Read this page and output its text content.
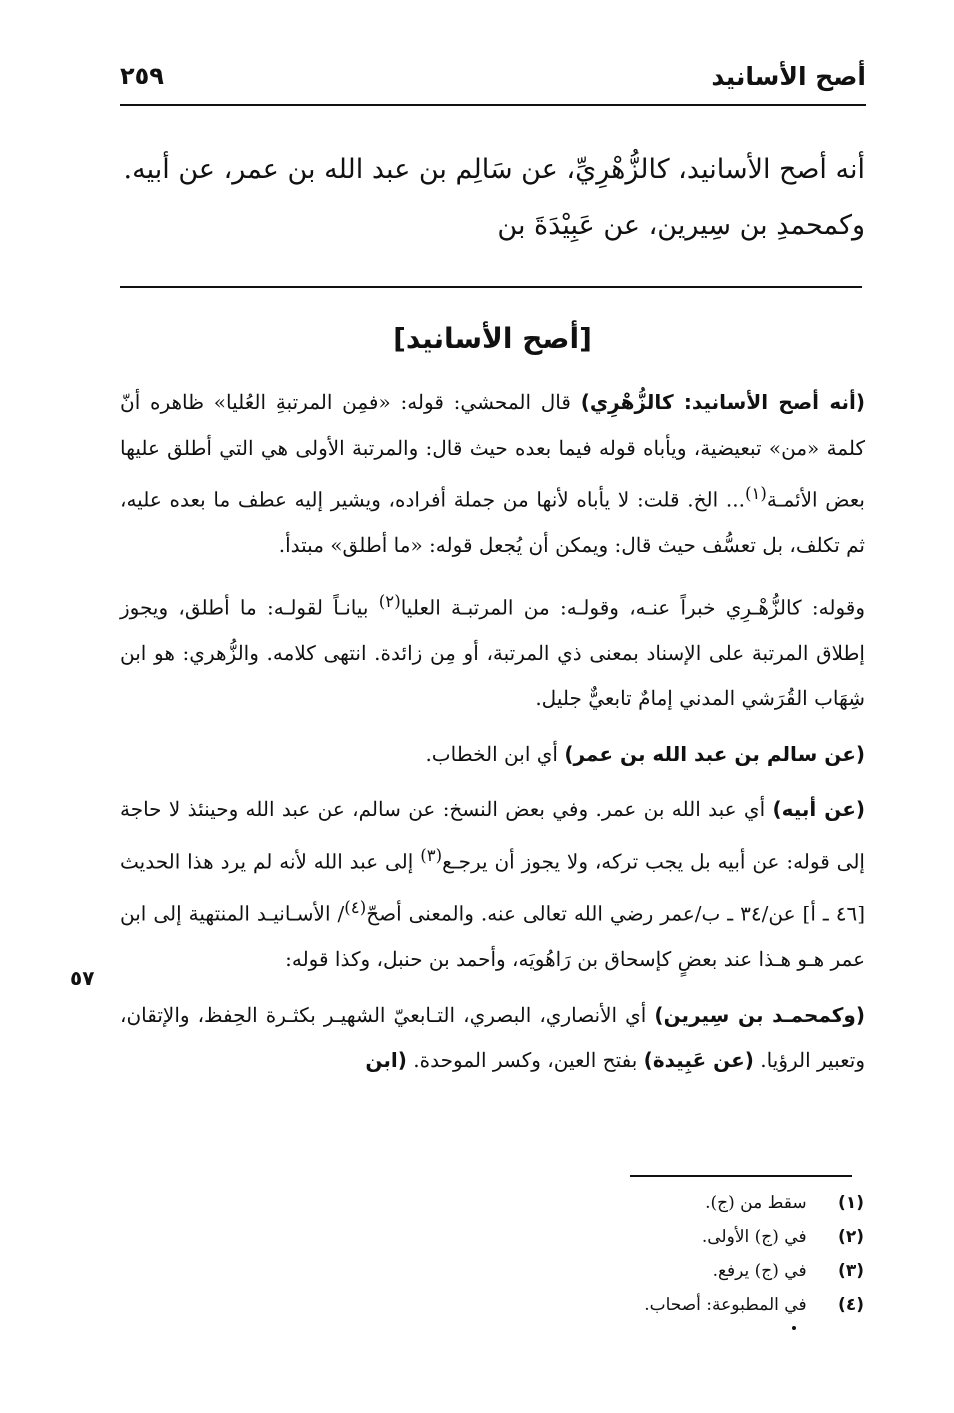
أصح الأسانيد
٢٥٩

أنه أصح الأسانيد، كالزُّهْرِيِّ، عن سَالِم بن عبد الله بن عمر، عن أبيه.

وكمحمدِ بن سِيرين، عن عَبِيْدَةَ بن

[أصح الأسانيد]

(أنه أصح الأسانيد: كالزُّهْرِي) قال المحشي: قوله: «فمِن المرتبةِ العُليا» ظاهره أنّ كلمة «من» تبعيضية، ويأباه قوله فيما بعده حيث قال: والمرتبة الأولى هي التي أطلق عليها بعض الأئمـة$^{(١)}$... الخ. قلت: لا يأباه لأنها من جملة أفراده، ويشير إليه عطف ما بعده عليه، ثم تكلف، بل تعسُّف حيث قال: ويمكن أن يُجعل قوله: «ما أطلق» مبتدأ.

وقوله: كالزُّهْـرِي خبراً عنـه، وقولـه: من المرتبـة العليا$^{(٢)}$ بيانـاً لقولـه: ما أطلق، ويجوز إطلاق المرتبة على الإسناد بمعنى ذي المرتبة، أو مِن زائدة. انتهى كلامه. والزُّهري: هو ابن شِهَاب القُرَشي المدني إمامٌ تابعيٌّ جليل.

(عن سالم بن عبد الله بن عمر) أي ابن الخطاب.

(عن أبيه) أي عبد الله بن عمر. وفي بعض النسخ: عن سالم، عن عبد الله وحينئذ لا حاجة إلى قوله: عن أبيه بل يجب تركه، ولا يجوز أن يرجـع$^{(٣)}$ إلى عبد الله لأنه لم يرد هذا الحديث [٤٦ ـ أ] عن/٣٤ ـ ب/عمر رضي الله تعالى عنه. والمعنى أصحّ$^{(٤)}$/ الأسـانيـد المنتهية إلى ابن عمر هـو هـذا عند بعضٍ كإسحاق بن رَاهُويَه، وأحمد بن حنبل، وكذا قوله:

(وكمحمـد بن سِيرين) أي الأنصاري، البصري، التـابعيّ الشهيـر بكثـرة الحِفظ، والإتقان، وتعبير الرؤيا. (عن عَبِيدة) بفتح العين، وكسر الموحدة. (ابن

٥٧
(١) سقط من (ج).
(٢) في (ج) الأولى.
(٣) في (ج) يرفع.
(٤) في المطبوعة: أصحاب.
